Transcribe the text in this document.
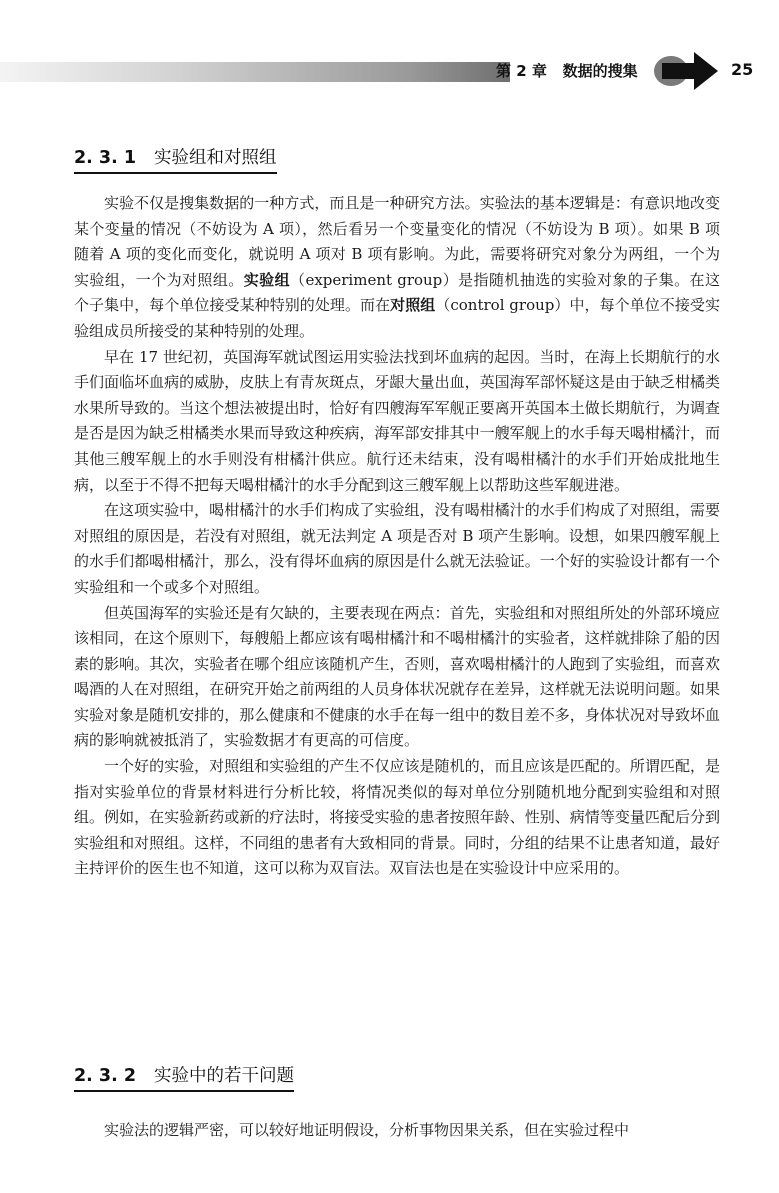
第 2 章 数据的搜集	25
2. 3. 1 实验组和对照组

实验不仅是搜集数据的一种方式，而且是一种研究方法。实验法的基本逻辑是：有意识地改变某个变量的情况（不妨设为 A 项），然后看另一个变量变化的情况（不妨设为 B 项）。如果 B 项随着 A 项的变化而变化，就说明 A 项对 B 项有影响。为此，需要将研究对象分为两组，一个为实验组，一个为对照组。实验组（experiment group）是指随机抽选的实验对象的子集。在这个子集中，每个单位接受某种特别的处理。而在对照组（control group）中，每个单位不接受实验组成员所接受的某种特别的处理。

早在 17 世纪初，英国海军就试图运用实验法找到坏血病的起因。当时，在海上长期航行的水手们面临坏血病的威胁，皮肤上有青灰斑点，牙龈大量出血，英国海军部怀疑这是由于缺乏柑橘类水果所导致的。当这个想法被提出时，恰好有四艘海军军舰正要离开英国本土做长期航行，为调查是否是因为缺乏柑橘类水果而导致这种疾病，海军部安排其中一艘军舰上的水手每天喝柑橘汁，而其他三艘军舰上的水手则没有柑橘汁供应。航行还未结束，没有喝柑橘汁的水手们开始成批地生病，以至于不得不把每天喝柑橘汁的水手分配到这三艘军舰上以帮助这些军舰进港。

在这项实验中，喝柑橘汁的水手们构成了实验组，没有喝柑橘汁的水手们构成了对照组，需要对照组的原因是，若没有对照组，就无法判定 A 项是否对 B 项产生影响。设想，如果四艘军舰上的水手们都喝柑橘汁，那么，没有得坏血病的原因是什么就无法验证。一个好的实验设计都有一个实验组和一个或多个对照组。

但英国海军的实验还是有欠缺的，主要表现在两点：首先，实验组和对照组所处的外部环境应该相同，在这个原则下，每艘船上都应该有喝柑橘汁和不喝柑橘汁的实验者，这样就排除了船的因素的影响。其次，实验者在哪个组应该随机产生，否则，喜欢喝柑橘汁的人跑到了实验组，而喜欢喝酒的人在对照组，在研究开始之前两组的人员身体状况就存在差异，这样就无法说明问题。如果实验对象是随机安排的，那么健康和不健康的水手在每一组中的数目差不多，身体状况对导致坏血病的影响就被抵消了，实验数据才有更高的可信度。

一个好的实验，对照组和实验组的产生不仅应该是随机的，而且应该是匹配的。所谓匹配，是指对实验单位的背景材料进行分析比较，将情况类似的每对单位分别随机地分配到实验组和对照组。例如，在实验新药或新的疗法时，将接受实验的患者按照年龄、性别、病情等变量匹配后分到实验组和对照组。这样，不同组的患者有大致相同的背景。同时，分组的结果不让患者知道，最好主持评价的医生也不知道，这可以称为双盲法。双盲法也是在实验设计中应采用的。

2. 3. 2 实验中的若干问题

实验法的逻辑严密，可以较好地证明假设，分析事物因果关系，但在实验过程中
